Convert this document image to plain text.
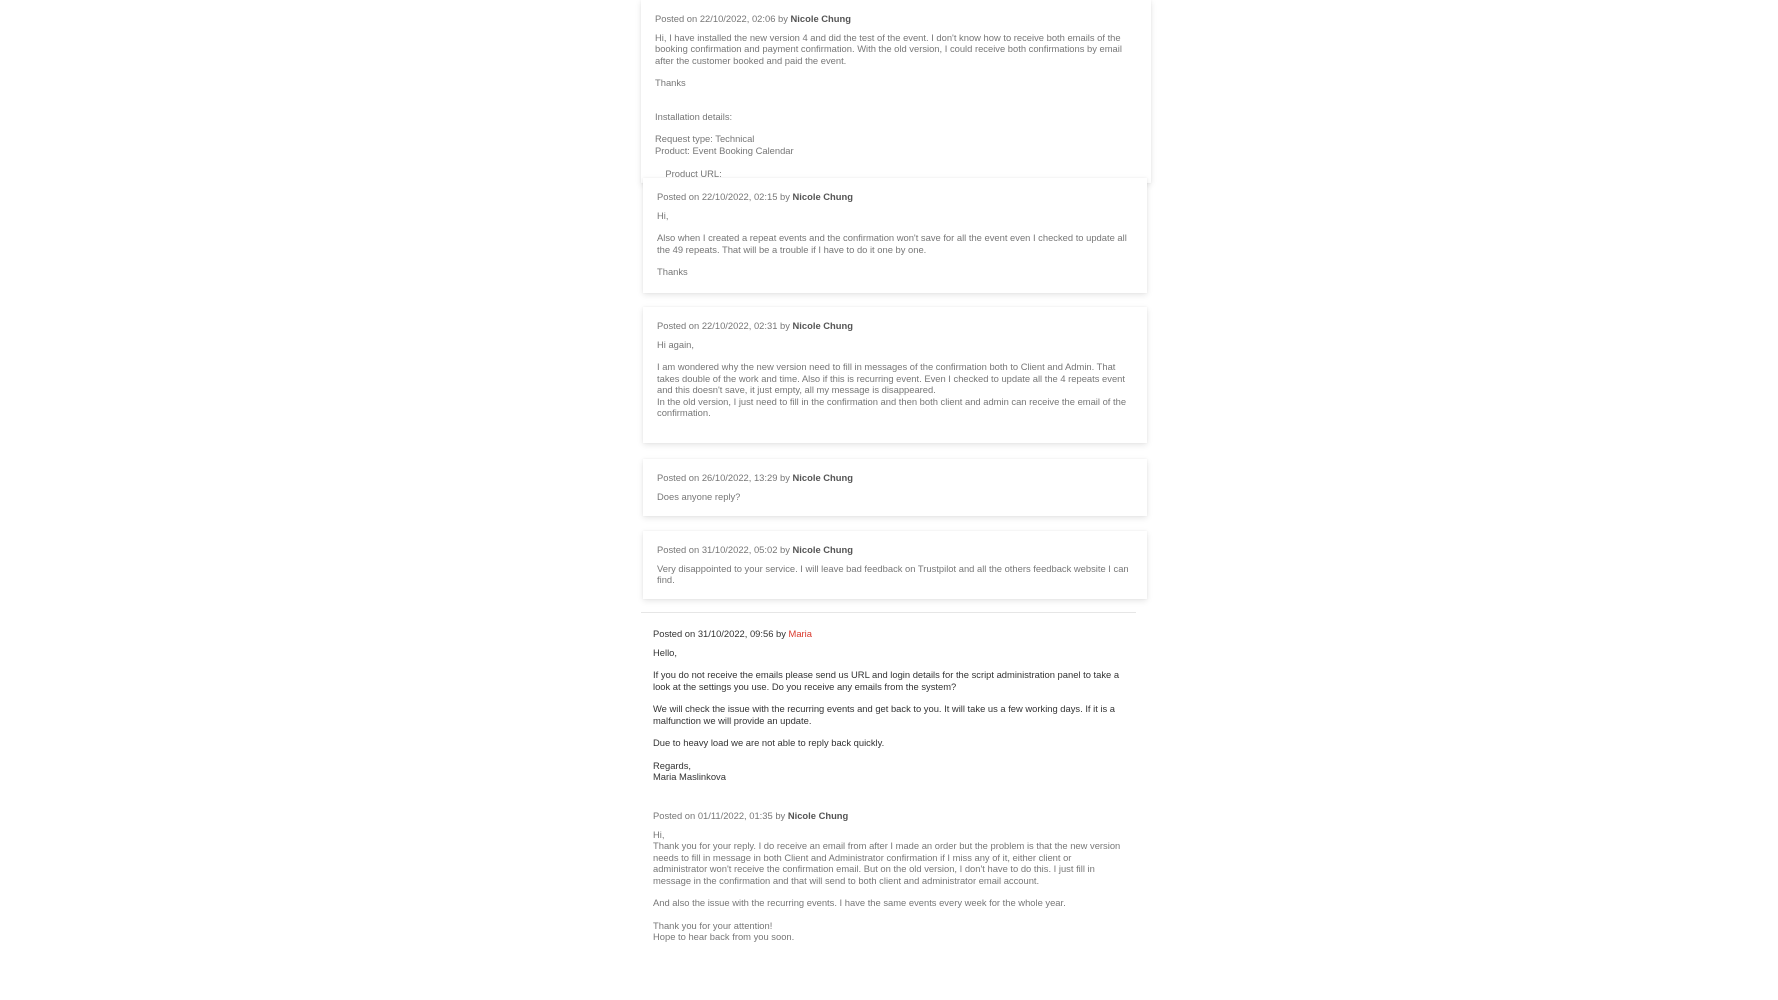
Posted on 22/10/2022, 02:06 by Nicole Chung
Hi, I have installed the new version 4 and did the test of the event. I don't know how to receive both emails of the booking confirmation and payment confirmation. With the old version, I could receive both confirmations by email after the customer booked and paid the event.
Thanks
Installation details:
Request type: Technical
Product: Event Booking Calendar

Product URL:

Posted on 22/10/2022, 02:15 by Nicole Chung
Hi,
Also when I created a repeat events and the confirmation won't save for all the event even I checked to update all the 49 repeats. That will be a trouble if I have to do it one by one.
Thanks
Posted on 22/10/2022, 02:31 by Nicole Chung
Hi again,
I am wondered why the new version need to fill in messages of the confirmation both to Client and Admin. That takes double of the work and time. Also if this is recurring event. Even I checked to update all the 4 repeats event and this doesn't save, it just empty, all my message is disappeared.
In the old version, I just need to fill in the confirmation and then both client and admin can receive the email of the confirmation.
Posted on 26/10/2022, 13:29 by Nicole Chung
Does anyone reply?
Posted on 31/10/2022, 05:02 by Nicole Chung
Very disappointed to your service. I will leave bad feedback on Trustpilot and all the others feedback website I can find.
Posted on 31/10/2022, 09:56 by Maria
Hello,
If you do not receive the emails please send us URL and login details for the script administration panel to take a look at the settings you use. Do you receive any emails from the system?
We will check the issue with the recurring events and get back to you. It will take us a few working days. If it is a malfunction we will provide an update.
Due to heavy load we are not able to reply back quickly.
Regards,
Maria Maslinkova
Posted on 01/11/2022, 01:35 by Nicole Chung
Hi,
Thank you for your reply. I do receive an email from after I made an order but the problem is that the new version needs to fill in message in both Client and Administrator confirmation if I miss any of it, either client or administrator won't receive the confirmation email. But on the old version, I don't have to do this. I just fill in message in the confirmation and that will send to both client and administrator email account.
And also the issue with the recurring events. I have the same events every week for the whole year.
Thank you for your attention!
Hope to hear back from you soon.
